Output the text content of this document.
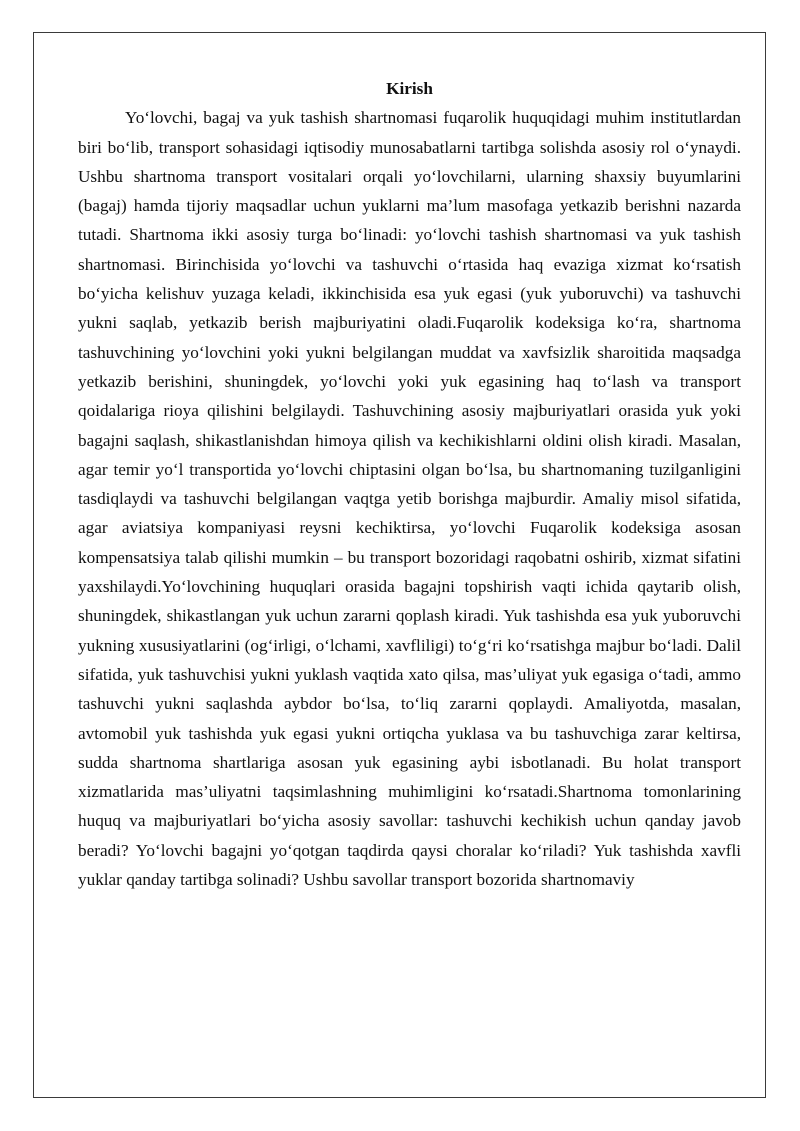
Kirish

Yo‘lovchi, bagaj va yuk tashish shartnomasi fuqarolik huquqidagi muhim institutlardan biri bo‘lib, transport sohasidagi iqtisodiy munosabatlarni tartibga solishda asosiy rol o‘ynaydi. Ushbu shartnoma transport vositalari orqali yo‘lovchilarni, ularning shaxsiy buyumlarini (bagaj) hamda tijoriy maqsadlar uchun yuklarni ma’lum masofaga yetkazib berishni nazarda tutadi. Shartnoma ikki asosiy turga bo‘linadi: yo‘lovchi tashish shartnomasi va yuk tashish shartnomasi. Birinchisida yo‘lovchi va tashuvchi o‘rtasida haq evaziga xizmat ko‘rsatish bo‘yicha kelishuv yuzaga keladi, ikkinchisida esa yuk egasi (yuk yuboruvchi) va tashuvchi yukni saqlab, yetkazib berish majburiyatini oladi.Fuqarolik kodeksiga ko‘ra, shartnoma tashuvchining yo‘lovchini yoki yukni belgilangan muddat va xavfsizlik sharoitida maqsadga yetkazib berishini, shuningdek, yo‘lovchi yoki yuk egasining haq to‘lash va transport qoidalariga rioya qilishini belgilaydi. Tashuvchining asosiy majburiyatlari orasida yuk yoki bagajni saqlash, shikastlanishdan himoya qilish va kechikishlarni oldini olish kiradi. Masalan, agar temir yo‘l transportida yo‘lovchi chiptasini olgan bo‘lsa, bu shartnomaning tuzilganligini tasdiqlaydi va tashuvchi belgilangan vaqtga yetib borishga majburdir. Amaliy misol sifatida, agar aviatsiya kompaniyasi reysni kechiktirsa, yo‘lovchi Fuqarolik kodeksiga asosan kompensatsiya talab qilishi mumkin – bu transport bozoridagi raqobatni oshirib, xizmat sifatini yaxshilaydi.Yo‘lovchining huquqlari orasida bagajni topshirish vaqti ichida qaytarib olish, shuningdek, shikastlangan yuk uchun zararni qoplash kiradi. Yuk tashishda esa yuk yuboruvchi yukning xususiyatlarini (og‘irligi, o‘lchami, xavfliligi) to‘g‘ri ko‘rsatishga majbur bo‘ladi. Dalil sifatida, yuk tashuvchisi yukni yuklash vaqtida xato qilsa, mas’uliyat yuk egasiga o‘tadi, ammo tashuvchi yukni saqlashda aybdor bo‘lsa, to‘liq zararni qoplaydi. Amaliyotda, masalan, avtomobil yuk tashishda yuk egasi yukni ortiqcha yuklasa va bu tashuvchiga zarar keltirsa, sudda shartnoma shartlariga asosan yuk egasining aybi isbotlanadi. Bu holat transport xizmatlarida mas’uliyatni taqsimlashning muhimligini ko‘rsatadi.Shartnoma tomonlarining huquq va majburiyatlari bo‘yicha asosiy savollar: tashuvchi kechikish uchun qanday javob beradi? Yo‘lovchi bagajni yo‘qotgan taqdirda qaysi choralar ko‘riladi? Yuk tashishda xavfli yuklar qanday tartibga solinadi? Ushbu savollar transport bozorida shartnomaviy
